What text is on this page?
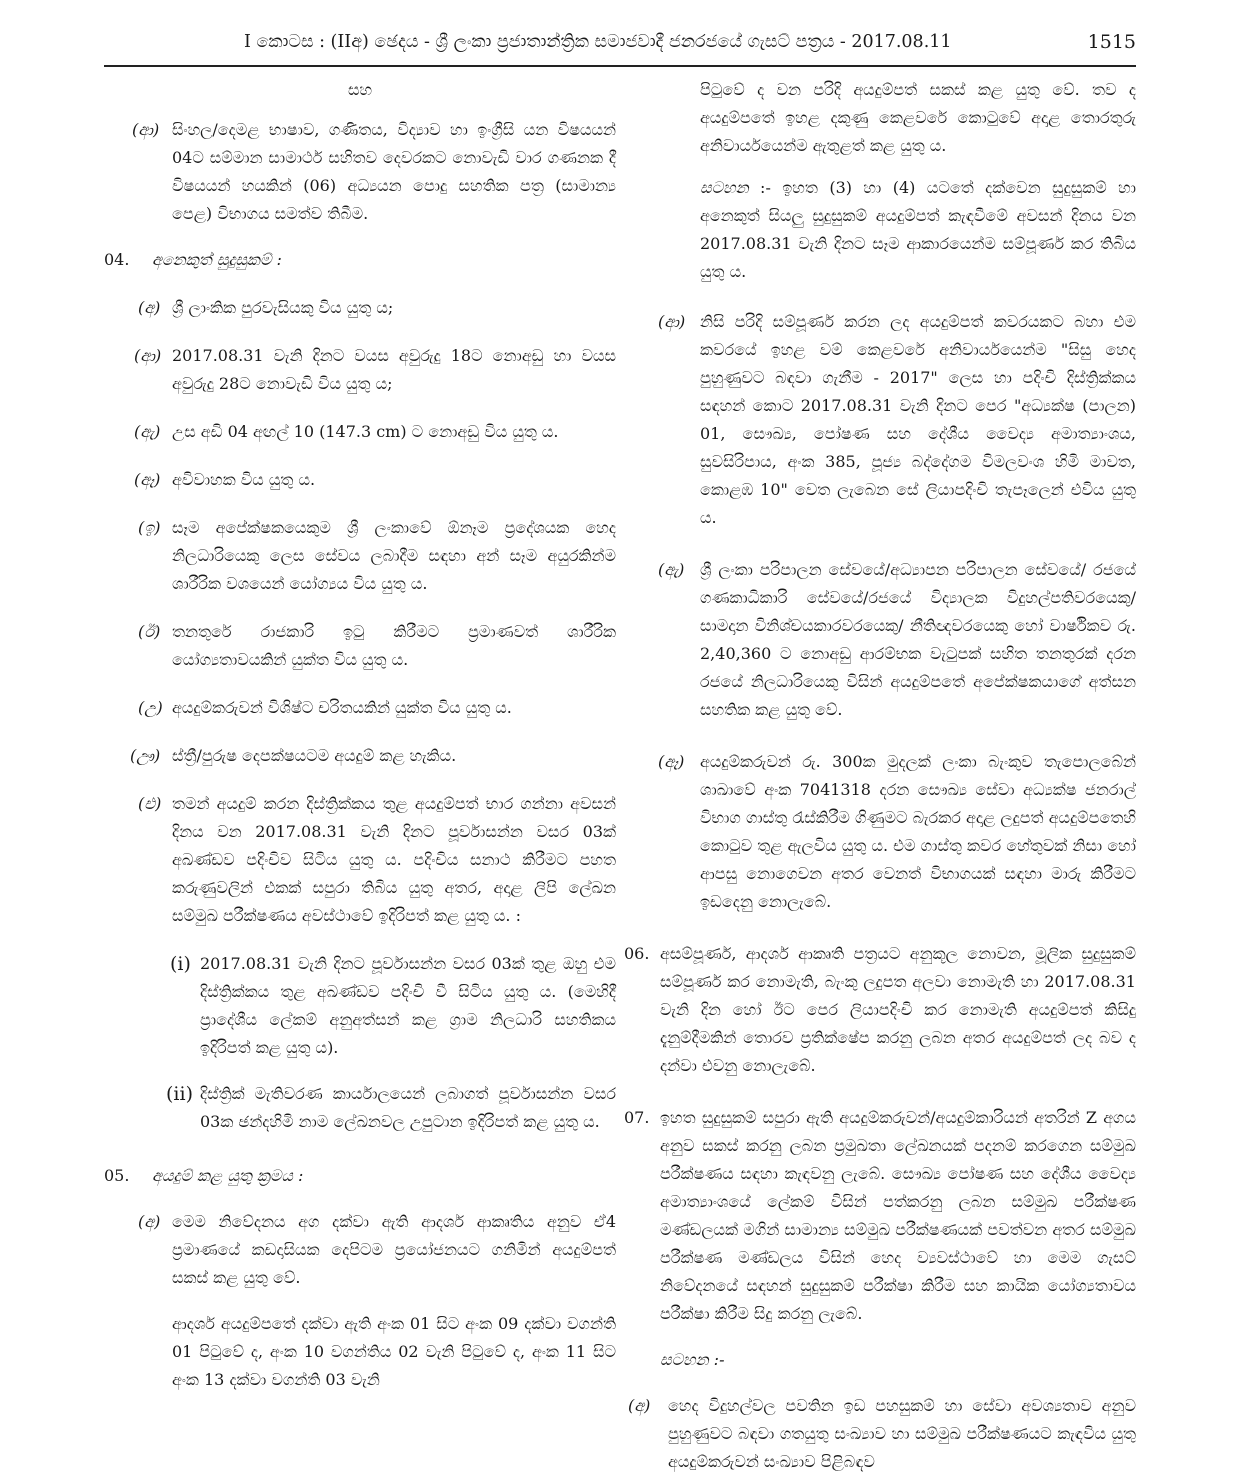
I කොටස : (IIඅ) ඡෙදය - ශ්‍රී ලංකා ප්‍රජාතාන්ත්‍රික සමාජවාදී ජනරජයේ ගැසට් පත්‍රය - 2017.08.11	1515
සහ
(ආ) සිංහල/දෙමළ භාෂාව, ගණිතය, විද්‍යාව හා ඉංග්‍රීසි යන විෂයයන් 04ට සම්මාන සාමාර්ථ සහිතව දෙවරකට නොවැඩි වාර ගණනක දී විෂයයන් හයකින් (06) අධ්‍යයන පොදු සහතික පත්‍ර (සාමාන්‍ය පෙළ) විභාගය සමත්ව තිබීම.
04. අනෙකුත් සුදුසුකම් :
(අ) ශ්‍රී ලාංකික පුරවැසියකු විය යුතු ය;
(ආ) 2017.08.31 වැනි දිනට වයස අවුරුදු 18ට නොඅඩු හා වයස අවුරුදු 28ට නොවැඩි විය යුතු ය;
(ඇ) උස අඩි 04 අඟල් 10 (147.3 cm) ට නොඅඩු විය යුතු ය.
(ඈ) අවිවාහක විය යුතු ය.
(ඉ) සෑම අපේක්ෂකයෙකුම ශ්‍රී ලංකාවේ ඕනෑම ප්‍රදේශයක හෙද නිලධාරියෙකු ලෙස සේවය ලබාදීම සඳහා අන් සෑම අයුරකින්ම ශාරීරික වශයෙන් යෝග්‍යය විය යුතු ය.
(ඊ) තනතුරේ රාජකාරි ඉටු කිරීමට ප්‍රමාණවත් ශාරීරික යෝග්‍යතාවයකින් යුක්ත විය යුතු ය.
(උ) අයදුම්කරුවන් විශිෂ්ට චරිතයකින් යුක්ත විය යුතු ය.
(ඌ) ස්ත්‍රී/පුරුෂ දෙපක්ෂයටම අයදුම් කළ හැකිය.
(එ) තමන් අයදුම් කරන දිස්ත්‍රික්කය තුළ අයදුම්පත් භාර ගන්නා අවසන් දිනය වන 2017.08.31 වැනි දිනට පූර්වාසන්න වසර 03ක් අඛණ්ඩව පදිංචිව සිටිය යුතු ය. පදිංචිය සනාථ කිරීමට පහත කරුණුවලින් එකක් සපුරා තිබිය යුතු අතර, අදාළ ලිපි ලේඛන සම්මුඛ පරීක්ෂණය අවස්ථාවේ ඉදිරිපත් කළ යුතු ය. :
(i) 2017.08.31 වැනි දිනට පූර්වාසන්න වසර 03ක් තුළ ඔහු එම දිස්ත්‍රික්කය තුළ අඛණ්ඩව පදිංචි වී සිටිය යුතු ය. (මෙහිදී ප්‍රාදේශීය ලේකම් අනුඅත්සන් කළ ග්‍රාම නිලධාරි සහතිකය ඉදිරිපත් කළ යුතු ය).
(ii) දිස්ත්‍රික් මැතිවරණ කාර්යාලයෙන් ලබාගත් පූර්වාසන්න වසර 03ක ඡන්දහිමි නාම ලේඛනවල උපුටාන ඉදිරිපත් කළ යුතු ය.
05. අයදුම් කළ යුතු ක්‍රමය :
(අ) මෙම නිවේදනය අග දක්වා ඇති ආදර්ශ ආකෘතිය අනුව ඒ4 ප්‍රමාණයේ කඩදාසියක දෙපිටම ප්‍රයෝජනයට ගනිමින් අයදුම්පත් සකස් කළ යුතු වේ.
ආදර්ශ අයදුම්පතේ දක්වා ඇති අංක 01 සිට අංක 09 දක්වා වගන්ති 01 පිටුවේ ද, අංක 10 වගන්තිය 02 වැනි පිටුවේ ද, අංක 11 සිට අංක 13 දක්වා වගන්ති 03 වැනි
පිටුවේ ද වන පරිදි අයදුම්පත් සකස් කළ යුතු වේ. තව ද අයදුම්පතේ ඉහළ දකුණු කෙළවරේ කොටුවේ අදාළ තොරතුරු අනිවාර්යයෙන්ම ඇතුළත් කළ යුතු ය.
සටහන :- ඉහත (3) හා (4) යටතේ දක්වෙන සුදුසුකම් හා අනෙකුත් සියලු සුදුසුකම් අයදුම්පත් කැඳවීමේ අවසන් දිනය වන 2017.08.31 වැනි දිනට සෑම ආකාරයෙන්ම සම්පූර්ණ කර තිබිය යුතු ය.
(ආ) නිසි පරිදි සම්පූර්ණ කරන ලද අයදුම්පත් කවරයකට බහා එම කවරයේ ඉහළ වම් කෙළවරේ අනිවාර්යයෙන්ම "සිසු හෙද පුහුණුවට බඳවා ගැනීම - 2017" ලෙස හා පදිංචි දිස්ත්‍රික්කය සඳහන් කොට 2017.08.31 වැනි දිනට පෙර "අධ්‍යක්ෂ (පාලන) 01, සෞඛ්‍ය, පෝෂණ සහ දේශීය වෛද්‍ය අමාත්‍යාංශය, සුවසිරිපාය, අංක 385, පූජ්‍ය බද්දේගම විමලවංශ හිමි මාවත, කොළඹ 10" වෙත ලැබෙන සේ ලියාපදිංචි තැපෑලෙන් එවිය යුතු ය.
(ඇ) ශ්‍රී ලංකා පරිපාලන සේවයේ/අධ්‍යාපන පරිපාලන සේවයේ/ රජයේ ගණකාධිකාරි සේවයේ/රජයේ විද්‍යාලක විදුහල්පතිවරයෙකු/ සාමදාන විනිශ්චයකාරවරයෙකු/ නීතිඥවරයෙකු හෝ වාර්ෂිකව රු. 2,40,360 ට නොඅඩු ආරම්භක වැටුපක් සහිත තනතුරක් දරන රජයේ නිලධාරියෙකු විසින් අයදුම්පතේ අපේක්ෂකයාගේ අත්සන සහතික කළ යුතු වේ.
(ඈ) අයදුම්කරුවන් රු. 300ක මුදලක් ලංකා බැංකුව තැපොලබේන් ශාඛාවේ අංක 7041318 දරන සෞඛ්‍ය සේවා අධ්‍යක්ෂ ජනරාල් විභාග ගාස්තු රැස්කිරීම ගිණුමට බැරකර අදාළ ලදුපත් අයදුම්පතෙහි කොටුව තුළ ඇලවිය යුතු ය. එම ගාස්තු කවර හේතුවක් නිසා හෝ ආපසු නොගෙවන අතර වෙනත් විභාගයක් සඳහා මාරු කිරීමට ඉඩදෙනු නොලැබේ.
06. අසම්පූර්ණ, ආදර්ශ ආකෘති පත්‍රයට අනුකූල නොවන, මූලික සුදුසුකම් සම්පූර්ණ කර නොමැති, බැංකු ලදුපත අලවා නොමැති හා 2017.08.31 වැනි දින හෝ ඊට පෙර ලියාපදිංචි කර නොමැති අයදුම්පත් කිසිදු දැනුම්දීමකින් තොරව ප්‍රතික්ෂේප කරනු ලබන අතර අයදුම්පත් ලද බව ද දන්වා එවනු නොලැබේ.
07. ඉහත සුදුසුකම් සපුරා ඇති අයදුම්කරුවන්/අයදුම්කාරියන් අතරින් Z අගය අනුව සකස් කරනු ලබන ප්‍රමුඛතා ලේඛනයක් පදනම් කරගෙන සම්මුඛ පරීක්ෂණය සඳහා කැඳවනු ලැබේ. සෞඛ්‍ය පෝෂණ සහ දේශීය වෛද්‍ය අමාත්‍යාංශයේ ලේකම් විසින් පත්කරනු ලබන සම්මුඛ පරීක්ෂණ මණ්ඩලයක් මගින් සාමාන්‍ය සම්මුඛ පරීක්ෂණයක් පවත්වන අතර සම්මුඛ පරීක්ෂණ මණ්ඩලය විසින් හෙද ව්‍යවස්ථාවේ හා මෙම ගැසට් නිවේදනයේ සඳහන් සුදුසුකම් පරීක්ෂා කිරීම සහ කායික යෝග්‍යතාවය පරීක්ෂා කිරීම සිදු කරනු ලැබේ.
සටහන :-
(අ) හෙද විදුහල්වල පවතින ඉඩ පහසුකම් හා සේවා අවශ්‍යතාව අනුව පුහුණුවට බඳවා ගතයුතු සංඛ්‍යාව හා සම්මුඛ පරීක්ෂණයට කැඳවිය යුතු අයදුම්කරුවන් සංඛ්‍යාව පිළිබඳව
